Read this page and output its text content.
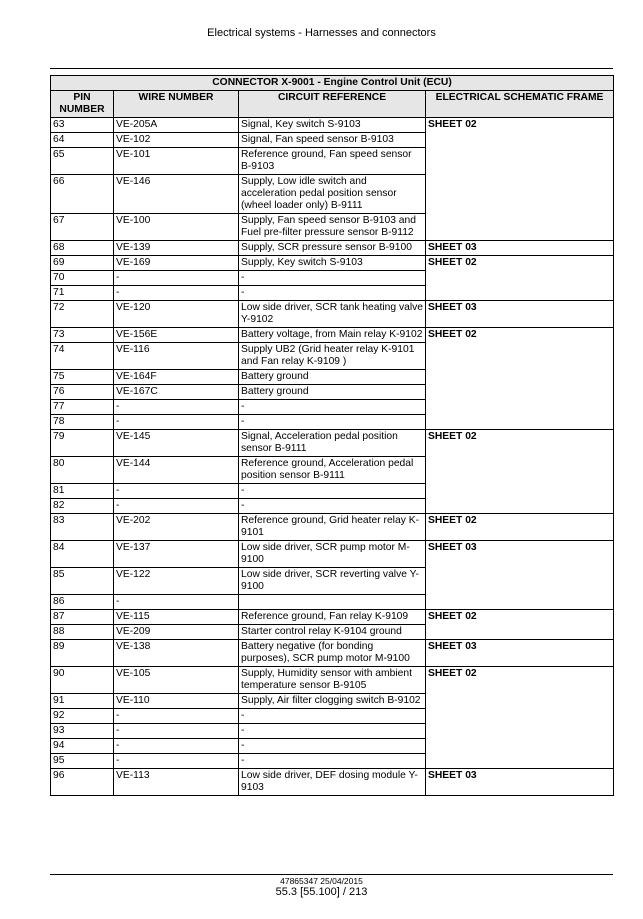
Electrical systems - Harnesses and connectors
CONNECTOR X-9001 - Engine Control Unit (ECU)			
PIN NUMBER	WIRE NUMBER	CIRCUIT REFERENCE	ELECTRICAL SCHEMATIC FRAME
63	VE-205A	Signal, Key switch S-9103	SHEET 02
64	VE-102	Signal, Fan speed sensor B-9103	
65	VE-101	Reference ground, Fan speed sensor B-9103	
66	VE-146	Supply, Low idle switch and acceleration pedal position sensor (wheel loader only) B-9111	
67	VE-100	Supply, Fan speed sensor B-9103 and Fuel pre-filter pressure sensor B-9112	
68	VE-139	Supply, SCR pressure sensor B-9100	SHEET 03
69	VE-169	Supply, Key switch S-9103	SHEET 02
70	-	-	
71	-	-	
72	VE-120	Low side driver, SCR tank heating valve Y-9102	SHEET 03
73	VE-156E	Battery voltage, from Main relay K-9102	SHEET 02
74	VE-116	Supply UB2 (Grid heater relay K-9101 and Fan relay K-9109 )	
75	VE-164F	Battery ground	
76	VE-167C	Battery ground	
77	-	-	
78	-	-	
79	VE-145	Signal, Acceleration pedal position sensor B-9111	SHEET 02
80	VE-144	Reference ground, Acceleration pedal position sensor B-9111	
81	-	-	
82	-	-	
83	VE-202	Reference ground, Grid heater relay K-9101	SHEET 02
84	VE-137	Low side driver, SCR pump motor M-9100	SHEET 03
85	VE-122	Low side driver, SCR reverting valve Y-9100	
86	-		
87	VE-115	Reference ground, Fan relay K-9109	SHEET 02
88	VE-209	Starter control relay K-9104 ground	
89	VE-138	Battery negative (for bonding purposes), SCR pump motor M-9100	SHEET 03
90	VE-105	Supply, Humidity sensor with ambient temperature sensor B-9105	SHEET 02
91	VE-110	Supply, Air filter clogging switch B-9102	
92	-	-	
93	-	-	
94	-	-	
95	-	-	
96	VE-113	Low side driver, DEF dosing module Y-9103	SHEET 03
47865347 25/04/2015
55.3 [55.100] / 213
